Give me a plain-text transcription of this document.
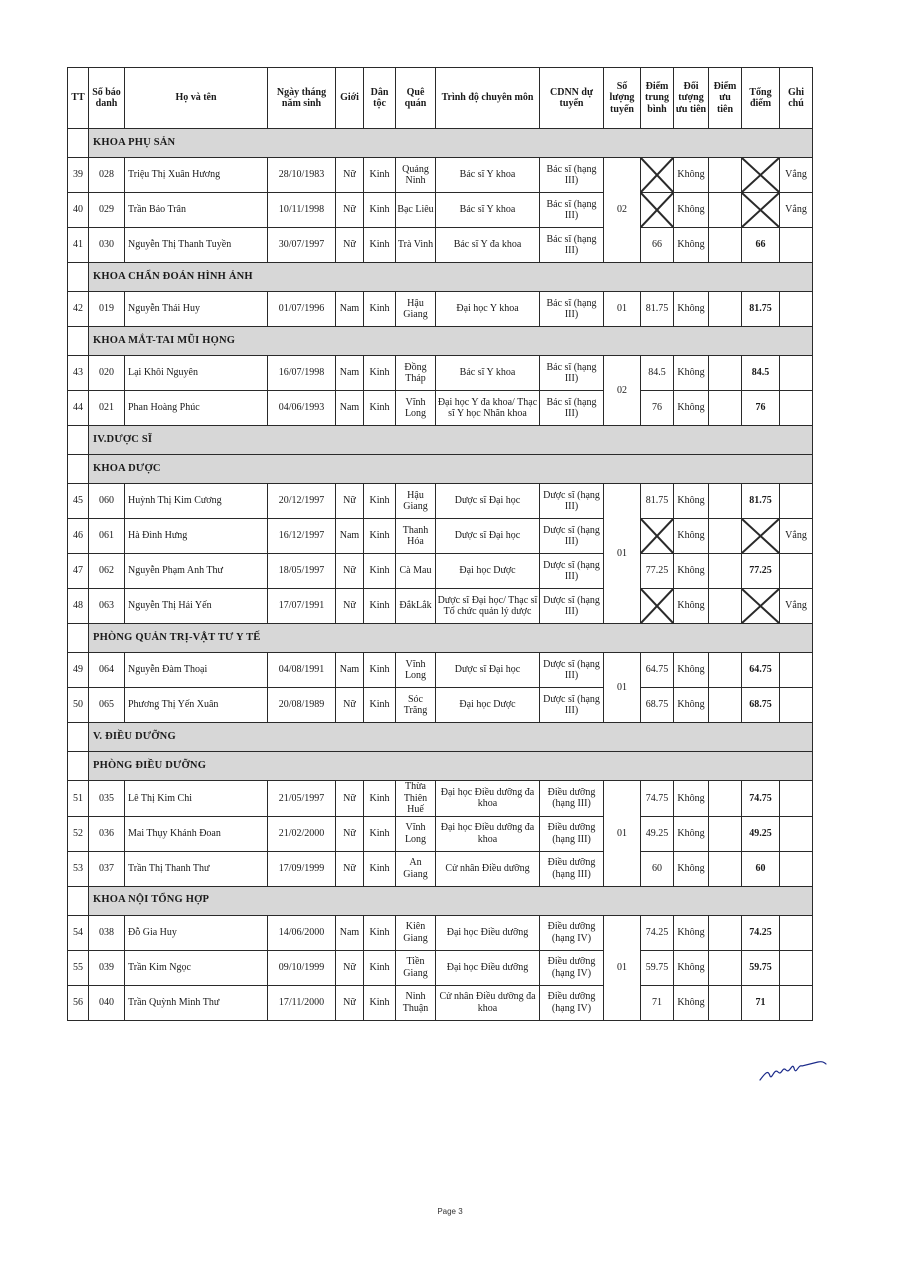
TT	Số báo danh	Họ và tên	Ngày tháng năm sinh	Giới	Dân tộc	Quê quán	Trình độ chuyên môn	CDNN dự tuyển	Số lượng tuyển	Điểm trung bình	Đối tượng ưu tiên	Điểm ưu tiên	Tổng điểm	Ghi chú
	KHOA PHỤ SẢN													
39	028	Triệu Thị Xuân Hương	28/10/1983	Nữ	Kinh	Quảng Ninh	Bác sĩ Y khoa	Bác sĩ (hạng III)	02		Không			Vắng
40	029	Trần Bảo Trân	10/11/1998	Nữ	Kinh	Bạc Liêu	Bác sĩ Y khoa	Bác sĩ (hạng III)			Không			Vắng
41	030	Nguyễn Thị Thanh Tuyền	30/07/1997	Nữ	Kinh	Trà Vinh	Bác sĩ Y đa khoa	Bác sĩ (hạng III)		66	Không		66	
	KHOA CHẨN ĐOÁN HÌNH ẢNH													
42	019	Nguyễn Thái Huy	01/07/1996	Nam	Kinh	Hậu Giang	Đại học Y khoa	Bác sĩ (hạng III)	01	81.75	Không		81.75	
	KHOA MẮT-TAI MŨI HỌNG													
43	020	Lại Khôi Nguyên	16/07/1998	Nam	Kinh	Đồng Tháp	Bác sĩ Y khoa	Bác sĩ (hạng III)	02	84.5	Không		84.5	
44	021	Phan Hoàng Phúc	04/06/1993	Nam	Kinh	Vĩnh Long	Đại học Y đa khoa/ Thạc sĩ Y học Nhãn khoa	Bác sĩ (hạng III)		76	Không		76	
	IV.DƯỢC SĨ													
	KHOA DƯỢC													
45	060	Huỳnh Thị Kim Cương	20/12/1997	Nữ	Kinh	Hậu Giang	Dược sĩ Đại học	Dược sĩ (hạng III)	01	81.75	Không		81.75	
46	061	Hà Đình Hưng	16/12/1997	Nam	Kinh	Thanh Hóa	Dược sĩ Đại học	Dược sĩ (hạng III)			Không			Vắng
47	062	Nguyễn Phạm Anh Thư	18/05/1997	Nữ	Kinh	Cà Mau	Đại học Dược	Dược sĩ (hạng III)		77.25	Không		77.25	
48	063	Nguyễn Thị Hải Yến	17/07/1991	Nữ	Kinh	ĐắkLắk	Dược sĩ Đại học/ Thạc sĩ Tổ chức quản lý dược	Dược sĩ (hạng III)			Không			Vắng
	PHÒNG QUẢN TRỊ-VẬT TƯ Y TẾ													
49	064	Nguyễn Đàm Thoại	04/08/1991	Nam	Kinh	Vĩnh Long	Dược sĩ Đại học	Dược sĩ (hạng III)	01	64.75	Không		64.75	
50	065	Phương Thị Yến Xuân	20/08/1989	Nữ	Kinh	Sóc Trăng	Đại học Dược	Dược sĩ (hạng III)		68.75	Không		68.75	
	V. ĐIỀU DƯỠNG													
	PHÒNG ĐIỀU DƯỠNG													
51	035	Lê Thị Kim Chi	21/05/1997	Nữ	Kinh	Thừa Thiên Huế	Đại học Điều dưỡng đa khoa	Điều dưỡng (hạng III)	01	74.75	Không		74.75	
52	036	Mai Thụy Khánh Đoan	21/02/2000	Nữ	Kinh	Vĩnh Long	Đại học Điều dưỡng đa khoa	Điều dưỡng (hạng III)		49.25	Không		49.25	
53	037	Trần Thị Thanh Thư	17/09/1999	Nữ	Kinh	An Giang	Cử nhân Điều dưỡng	Điều dưỡng (hạng III)		60	Không		60	
	KHOA NỘI TỔNG HỢP													
54	038	Đỗ Gia Huy	14/06/2000	Nam	Kinh	Kiên Giang	Đại học Điều dưỡng	Điều dưỡng (hạng IV)	01	74.25	Không		74.25	
55	039	Trần Kim Ngọc	09/10/1999	Nữ	Kinh	Tiền Giang	Đại học Điều dưỡng	Điều dưỡng (hạng IV)		59.75	Không		59.75	
56	040	Trần Quỳnh Minh Thư	17/11/2000	Nữ	Kinh	Ninh Thuận	Cử nhân Điều dưỡng đa khoa	Điều dưỡng (hạng IV)		71	Không		71	
Page 3
